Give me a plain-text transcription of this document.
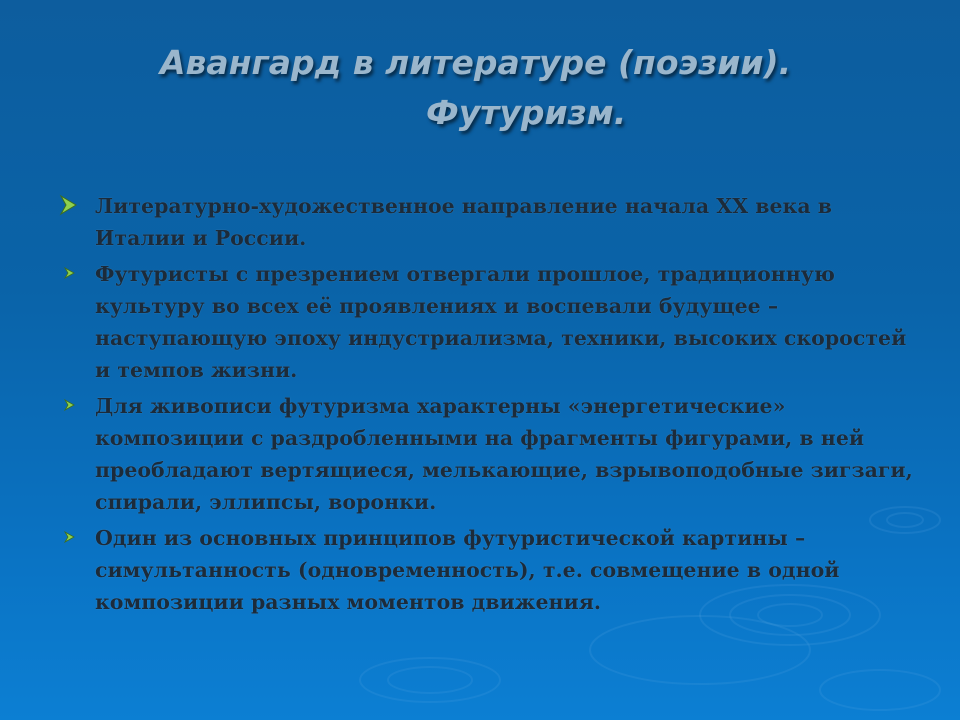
Авангард в литературе (поэзии).
Футуризм.
Литературно-художественное направление начала XX века в Италии и России.
Футуристы с презрением отвергали прошлое, традиционную культуру во всех её проявлениях и воспевали будущее – наступающую эпоху индустриализма, техники, высоких скоростей и темпов жизни.
Для живописи футуризма характерны «энергетические» композиции с раздробленными на фрагменты фигурами, в ней преобладают вертящиеся, мелькающие, взрывоподобные зигзаги, спирали, эллипсы, воронки.
Один из основных принципов футуристической картины – симультанность (одновременность), т.е. совмещение в одной композиции разных моментов движения.
